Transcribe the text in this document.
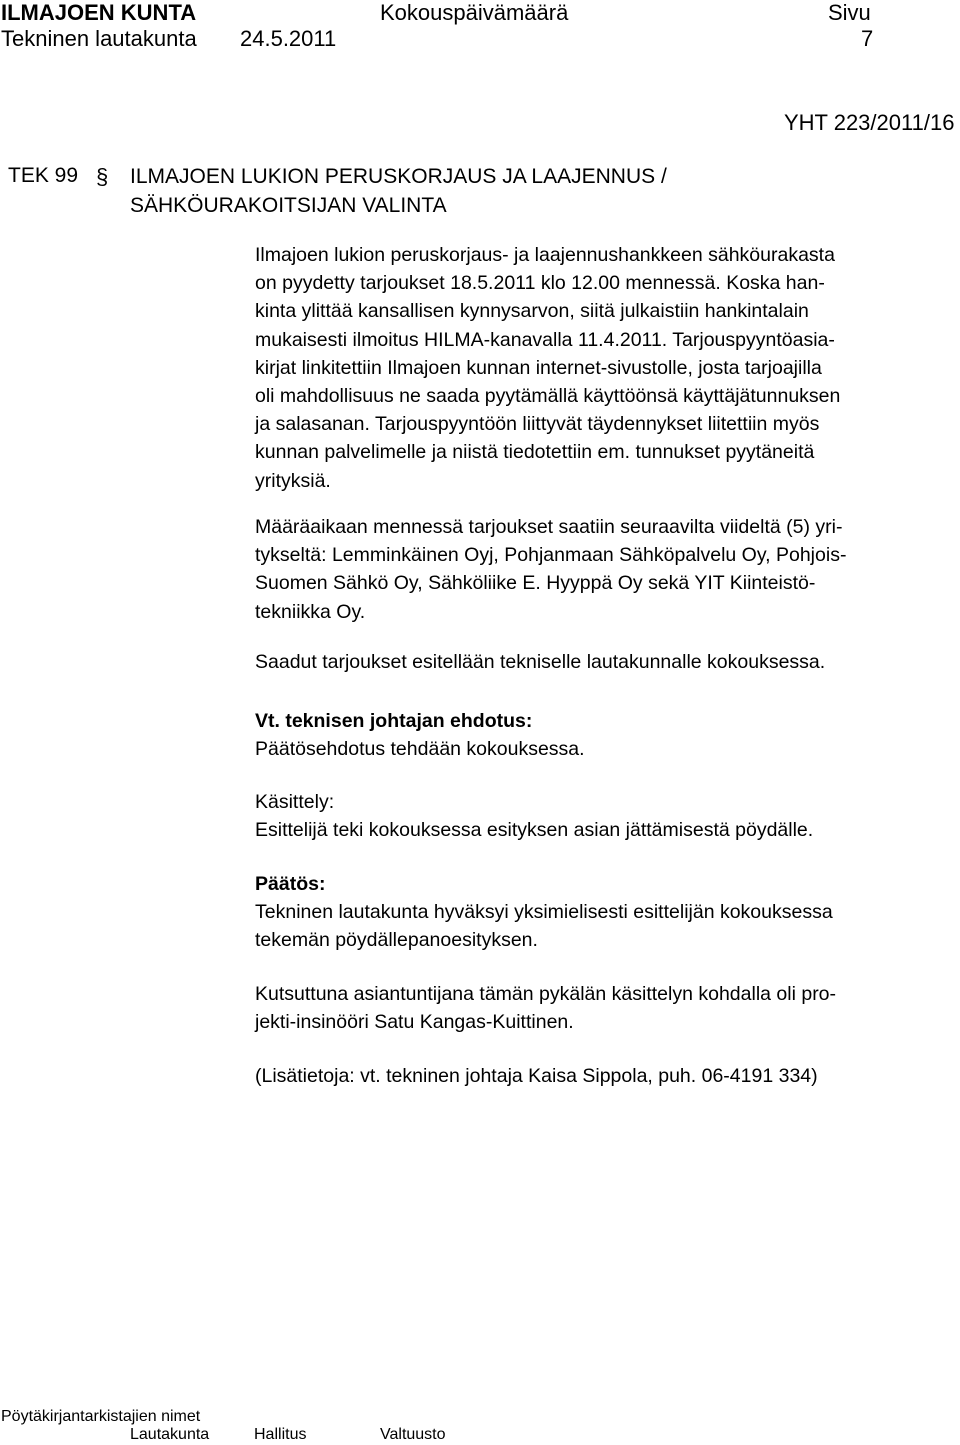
ILMAJOEN KUNTA
Tekninen lautakunta
Kokouspäivämäärä
24.5.2011
Sivu
7
YHT 223/2011/16
TEK 99 § ILMAJOEN LUKION PERUSKORJAUS JA LAAJENNUS /
SÄHKÖURAKOITSIJAN VALINTA

Ilmajoen lukion peruskorjaus- ja laajennushankkeen sähköurakasta

on pyydetty tarjoukset 18.5.2011 klo 12.00 mennessä. Koska han-

kinta ylittää kansallisen kynnysarvon, siitä julkaistiin hankintalain

mukaisesti ilmoitus HILMA-kanavalla 11.4.2011. Tarjouspyyntöasia-

kirjat linkitettiin Ilmajoen kunnan internet-sivustolle, josta tarjoajilla

oli mahdollisuus ne saada pyytämällä käyttöönsä käyttäjätunnuksen

ja salasanan. Tarjouspyyntöön liittyvät täydennykset liitettiin myös

kunnan palvelimelle ja niistä tiedotettiin em. tunnukset pyytäneitä

yrityksiä.

Määräaikaan mennessä tarjoukset saatiin seuraavilta viideltä (5) yri-

tykseltä: Lemminkäinen Oyj, Pohjanmaan Sähköpalvelu Oy, Pohjois-

Suomen Sähkö Oy, Sähköliike E. Hyyppä Oy sekä YIT Kiinteistö-

tekniikka Oy.

Saadut tarjoukset esitellään tekniselle lautakunnalle kokouksessa.

Vt. teknisen johtajan ehdotus:

Päätösehdotus tehdään kokouksessa.

Käsittely:

Esittelijä teki kokouksessa esityksen asian jättämisestä pöydälle.

Päätös:

Tekninen lautakunta hyväksyi yksimielisesti esittelijän kokouksessa

tekemän pöydällepanoesityksen.

Kutsuttuna asiantuntijana tämän pykälän käsittelyn kohdalla oli pro-

jekti-insinööri Satu Kangas-Kuittinen.

(Lisätietoja: vt. tekninen johtaja Kaisa Sippola, puh. 06-4191 334)

Pöytäkirjantarkistajien nimet
Lautakunta	Hallitus	Valtuusto
